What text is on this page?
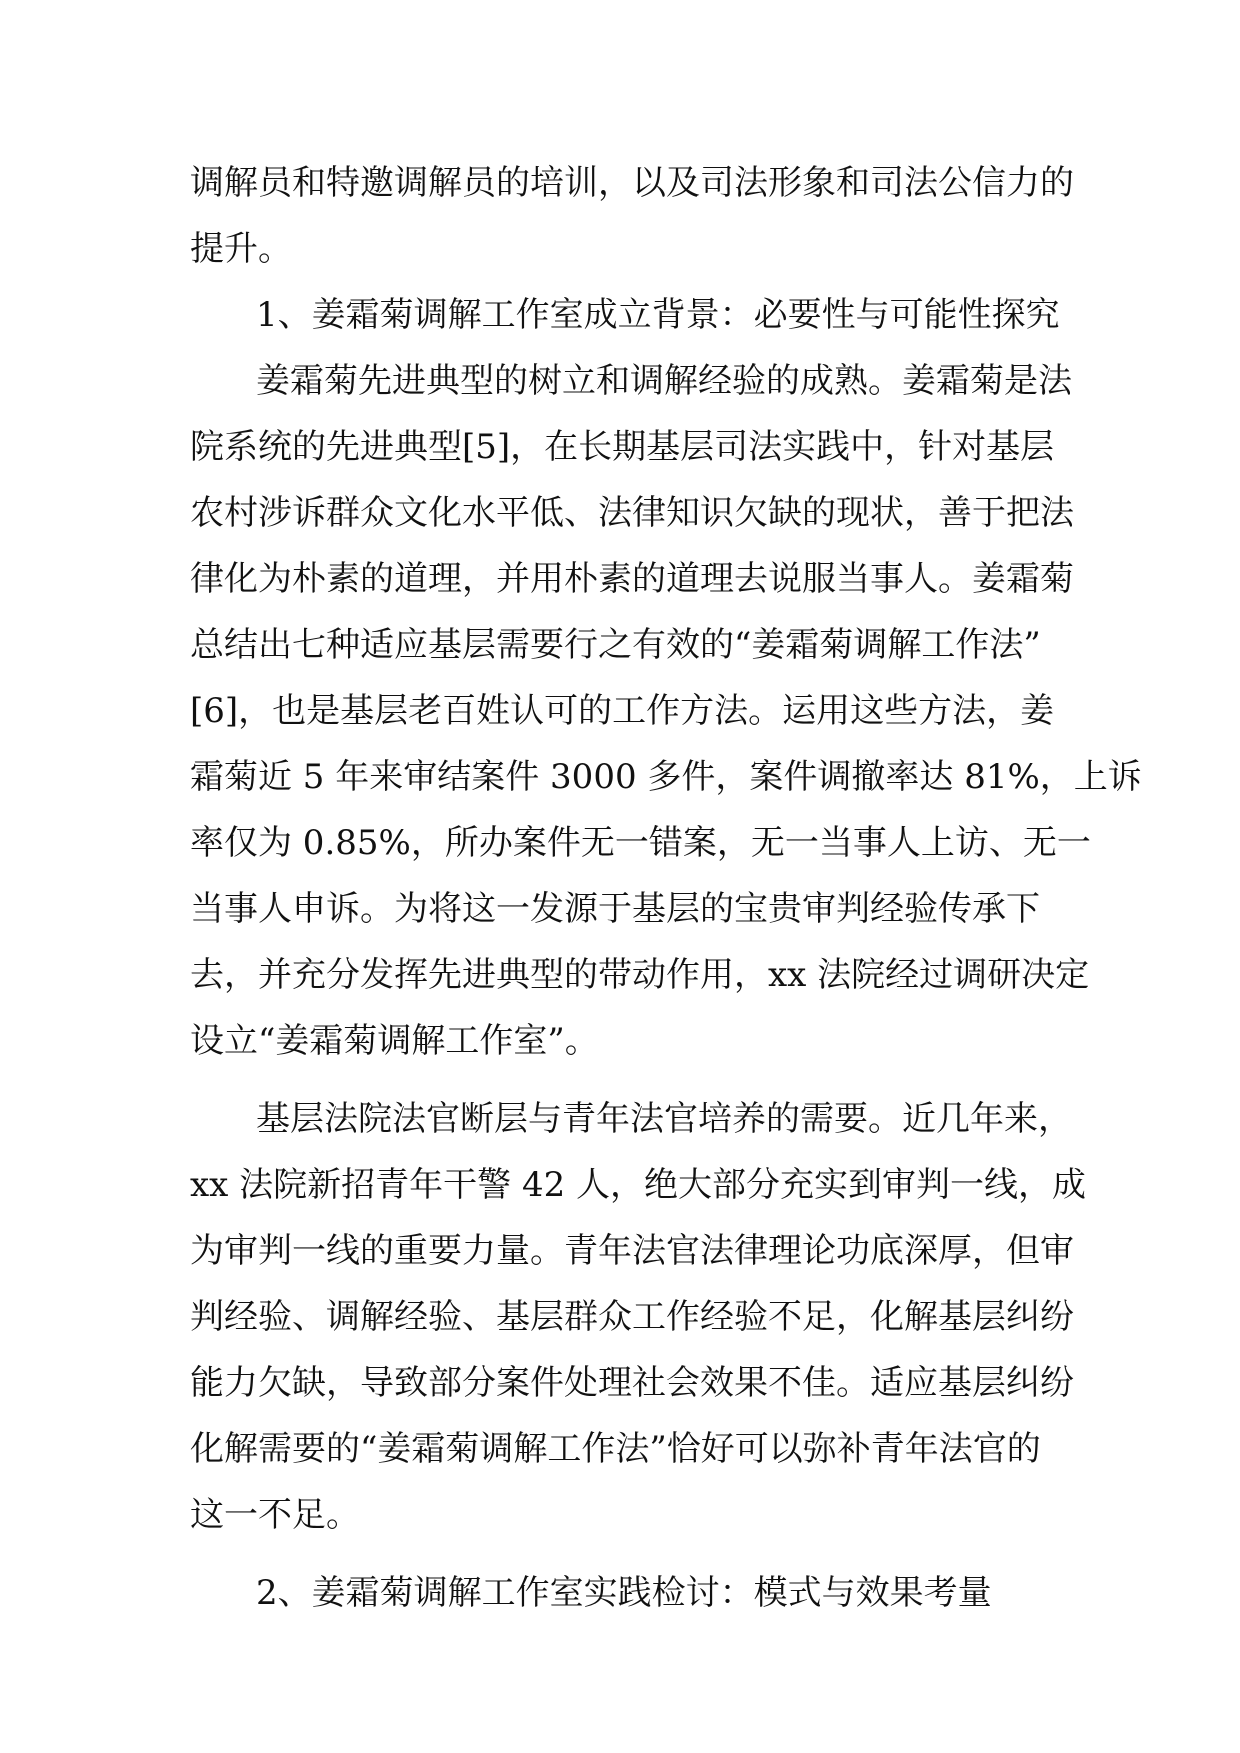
调解员和特邀调解员的培训，以及司法形象和司法公信力的
提升。
1、姜霜菊调解工作室成立背景：必要性与可能性探究
姜霜菊先进典型的树立和调解经验的成熟。姜霜菊是法
院系统的先进典型[5]，在长期基层司法实践中，针对基层
农村涉诉群众文化水平低、法律知识欠缺的现状，善于把法
律化为朴素的道理，并用朴素的道理去说服当事人。姜霜菊
总结出七种适应基层需要行之有效的“姜霜菊调解工作法”
[6]，也是基层老百姓认可的工作方法。运用这些方法，姜
霜菊近 5 年来审结案件 3000 多件，案件调撤率达 81%，上诉
率仅为 0.85%，所办案件无一错案，无一当事人上访、无一
当事人申诉。为将这一发源于基层的宝贵审判经验传承下
去，并充分发挥先进典型的带动作用，xx 法院经过调研决定
设立“姜霜菊调解工作室”。
基层法院法官断层与青年法官培养的需要。近几年来，
xx 法院新招青年干警 42 人，绝大部分充实到审判一线，成
为审判一线的重要力量。青年法官法律理论功底深厚，但审
判经验、调解经验、基层群众工作经验不足，化解基层纠纷
能力欠缺，导致部分案件处理社会效果不佳。适应基层纠纷
化解需要的“姜霜菊调解工作法”恰好可以弥补青年法官的
这一不足。
2、姜霜菊调解工作室实践检讨：模式与效果考量
